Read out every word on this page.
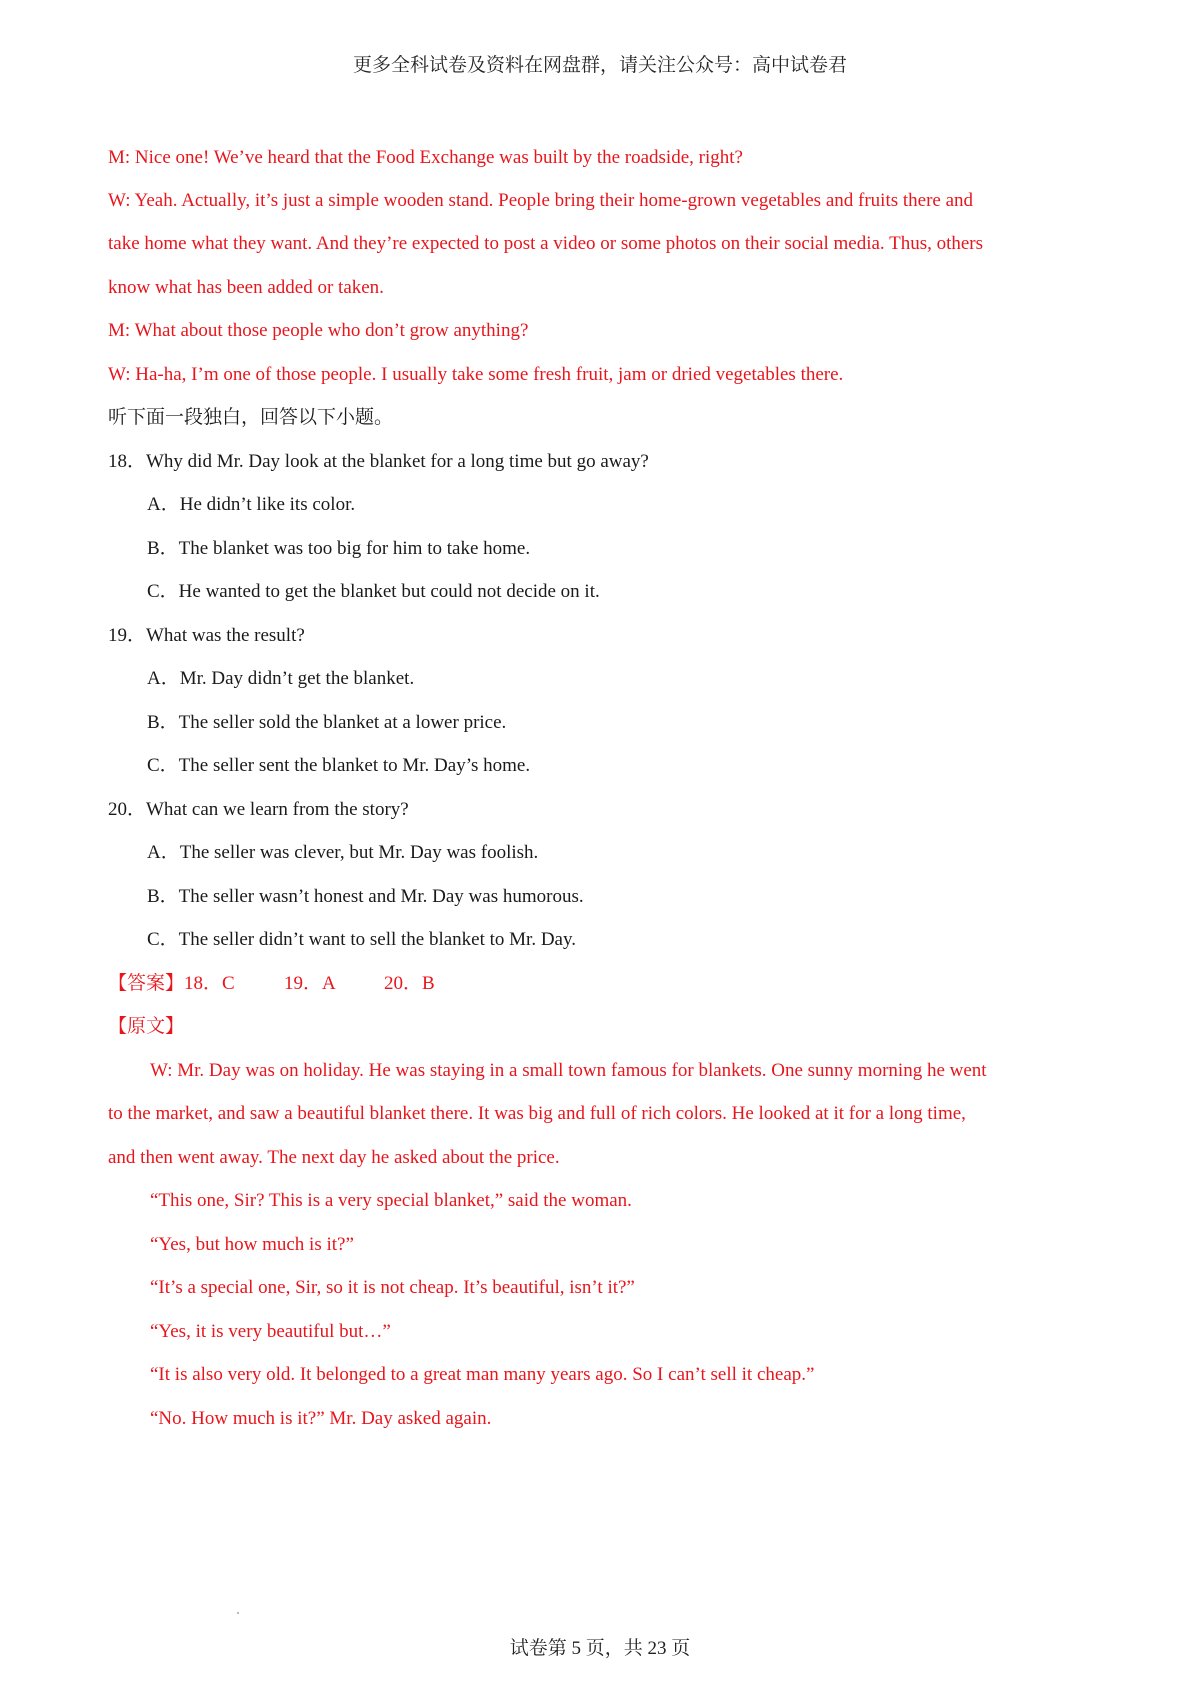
更多全科试卷及资料在网盘群，请关注公众号：高中试卷君
M: Nice one! We’ve heard that the Food Exchange was built by the roadside, right?
W: Yeah. Actually, it’s just a simple wooden stand. People bring their home-grown vegetables and fruits there and
take home what they want. And they’re expected to post a video or some photos on their social media. Thus, others
know what has been added or taken.
M: What about those people who don’t grow anything?
W: Ha-ha, I’m one of those people. I usually take some fresh fruit, jam or dried vegetables there.
听下面一段独白，回答以下小题。
18．Why did Mr. Day look at the blanket for a long time but go away?
A．He didn’t like its color.
B．The blanket was too big for him to take home.
C．He wanted to get the blanket but could not decide on it.
19．What was the result?
A．Mr. Day didn’t get the blanket.
B．The seller sold the blanket at a lower price.
C．The seller sent the blanket to Mr. Day’s home.
20．What can we learn from the story?
A．The seller was clever, but Mr. Day was foolish.
B．The seller wasn’t honest and Mr. Day was humorous.
C．The seller didn’t want to sell the blanket to Mr. Day.
【答案】18．C	19．A	20．B
【原文】
W: Mr. Day was on holiday. He was staying in a small town famous for blankets. One sunny morning he went
to the market, and saw a beautiful blanket there. It was big and full of rich colors. He looked at it for a long time,
and then went away. The next day he asked about the price.
“This one, Sir? This is a very special blanket,” said the woman.
“Yes, but how much is it?”
“It’s a special one, Sir, so it is not cheap. It’s beautiful, isn’t it?”
“Yes, it is very beautiful but…”
“It is also very old. It belonged to a great man many years ago. So I can’t sell it cheap.”
“No. How much is it?” Mr. Day asked again.
试卷第 5 页，共 23 页
